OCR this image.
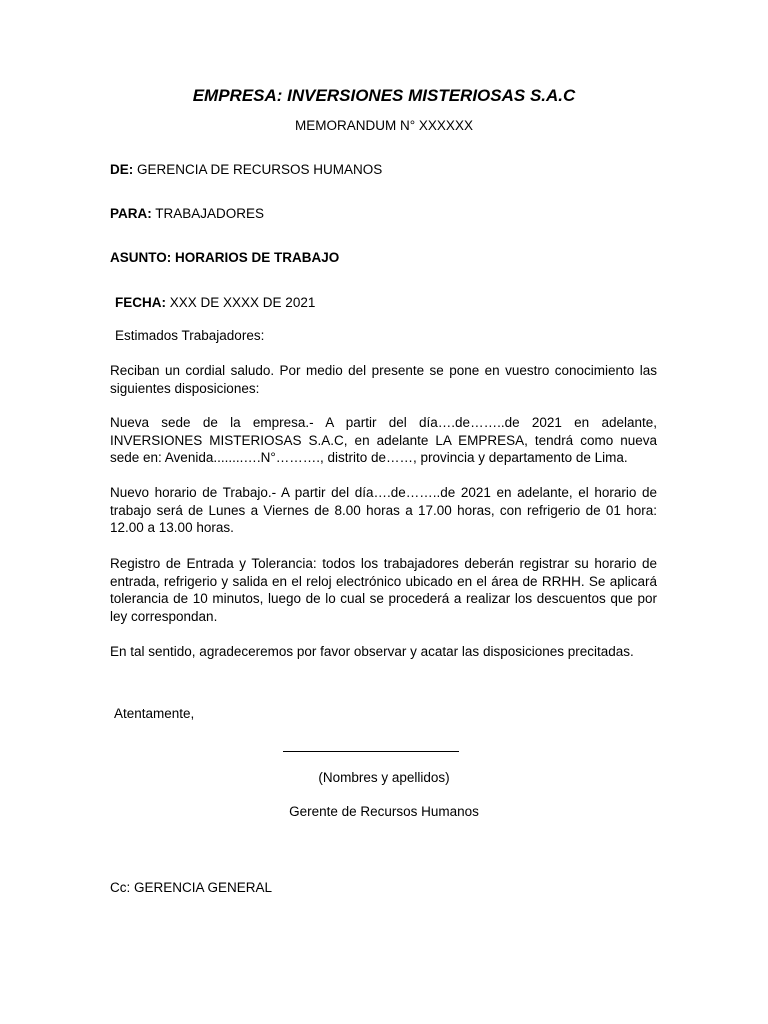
EMPRESA: INVERSIONES MISTERIOSAS S.A.C
MEMORANDUM N° XXXXXX
DE: GERENCIA DE RECURSOS HUMANOS
PARA: TRABAJADORES
ASUNTO: HORARIOS DE TRABAJO
FECHA: XXX DE XXXX DE 2021
Estimados Trabajadores:
Reciban un cordial saludo. Por medio del presente se pone en vuestro conocimiento las siguientes disposiciones:
Nueva sede de la empresa.- A partir del día….de……..de 2021 en adelante, INVERSIONES MISTERIOSAS S.A.C, en adelante LA EMPRESA, tendrá como nueva sede en: Avenida........….N°………., distrito de……, provincia y departamento de Lima.
Nuevo horario de Trabajo.- A partir del día….de……..de 2021 en adelante, el horario de trabajo será de Lunes a Viernes de 8.00 horas a 17.00 horas, con refrigerio de 01 hora: 12.00 a 13.00 horas.
Registro de Entrada y Tolerancia: todos los trabajadores deberán registrar su horario de entrada, refrigerio y salida en el reloj electrónico ubicado en el área de RRHH. Se aplicará tolerancia de 10 minutos, luego de lo cual se procederá a realizar los descuentos que por ley correspondan.
En tal sentido, agradeceremos por favor observar y acatar las disposiciones precitadas.
Atentamente,
(Nombres y apellidos)
Gerente de Recursos Humanos
Cc: GERENCIA GENERAL
